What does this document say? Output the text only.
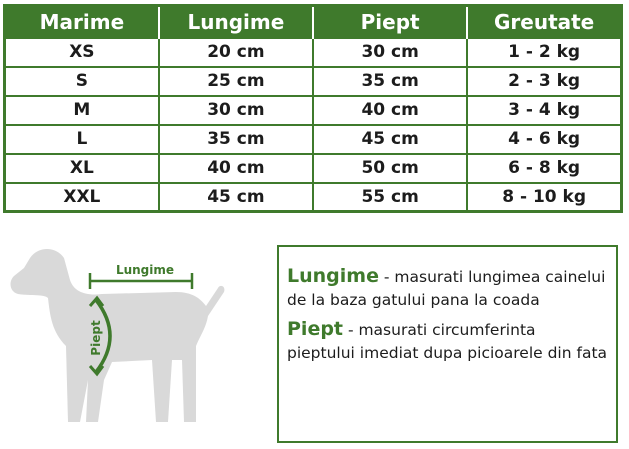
Marime	Lungime	Piept	Greutate
XS	20 cm	30 cm	1 - 2 kg
S	25 cm	35 cm	2 - 3 kg
M	30 cm	40 cm	3 - 4 kg
L	35 cm	45 cm	4 - 6 kg
XL	40 cm	50 cm	6 - 8 kg
XXL	45 cm	55 cm	8 - 10 kg
Lungime
Piept

Lungime - masurati lungimea cainelui de la baza gatului pana la coada

Piept - masurati circumferinta pieptului imediat dupa picioarele din fata
